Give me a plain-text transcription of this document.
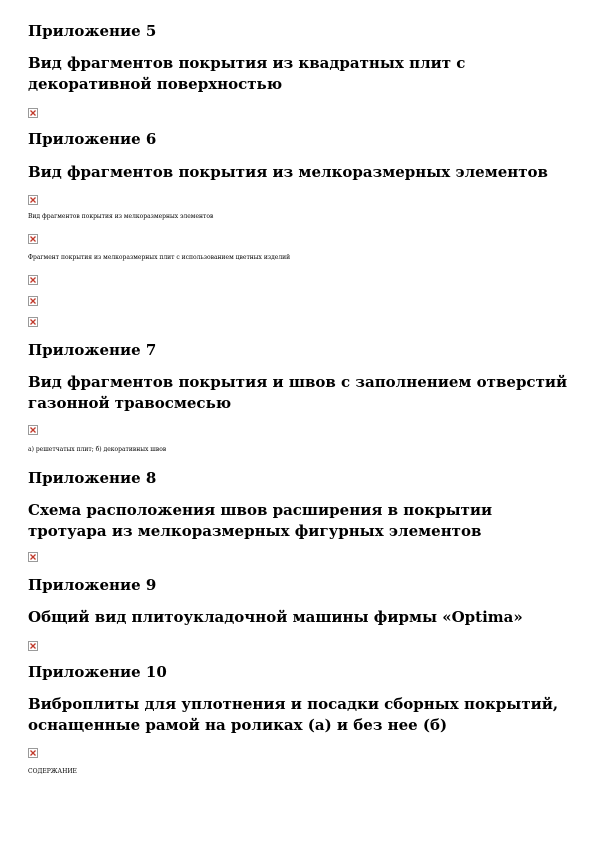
Приложение 5
Вид фрагментов покрытия из квадратных плит с декоративной поверхностью
Приложение 6
Вид фрагментов покрытия из мелкоразмерных элементов
Вид фрагментов покрытия из мелкоразмерных элементов
Фрагмент покрытия из мелкоразмерных плит с использованием цветных изделий
Приложение 7
Вид фрагментов покрытия и швов с заполнением отверстий газонной травосмесью
а) решетчатых плит; б) декоративных швов
Приложение 8
Схема расположения швов расширения в покрытии тротуара из мелкоразмерных фигурных элементов
Приложение 9
Общий вид плитоукладочной машины фирмы «Optima»
Приложение 10
Виброплиты для уплотнения и посадки сборных покрытий, оснащенные рамой на роликах (а) и без нее (б)
СОДЕРЖАНИЕ
